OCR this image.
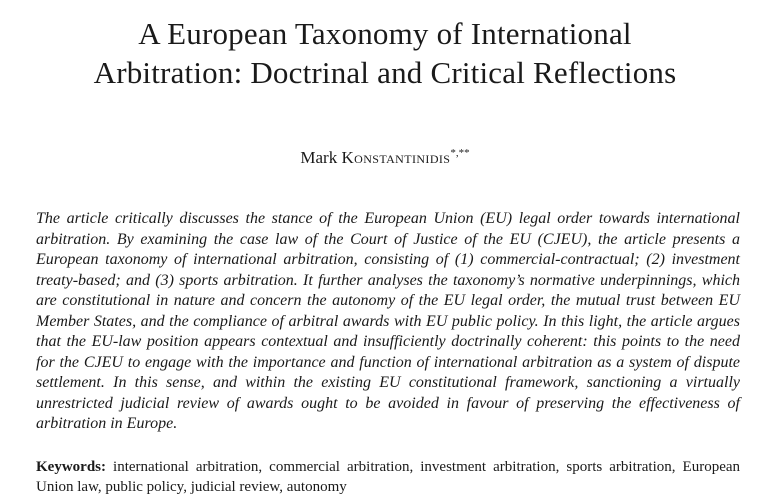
A European Taxonomy of International
Arbitration: Doctrinal and Critical Reflections
Mark Konstantinidis*,**

The article critically discusses the stance of the European Union (EU) legal order towards international arbitration. By examining the case law of the Court of Justice of the EU (CJEU), the article presents a European taxonomy of international arbitration, consisting of (1) commercial-contractual; (2) investment treaty-based; and (3) sports arbitration. It further analyses the taxonomy’s normative underpinnings, which are constitutional in nature and concern the autonomy of the EU legal order, the mutual trust between EU Member States, and the compliance of arbitral awards with EU public policy. In this light, the article argues that the EU-law position appears contextual and insufficiently doctrinally coherent: this points to the need for the CJEU to engage with the importance and function of international arbitration as a system of dispute settlement. In this sense, and within the existing EU constitutional framework, sanctioning a virtually unrestricted judicial review of awards ought to be avoided in favour of preserving the effectiveness of arbitration in Europe.

Keywords: international arbitration, commercial arbitration, investment arbitration, sports arbitration, European Union law, public policy, judicial review, autonomy
